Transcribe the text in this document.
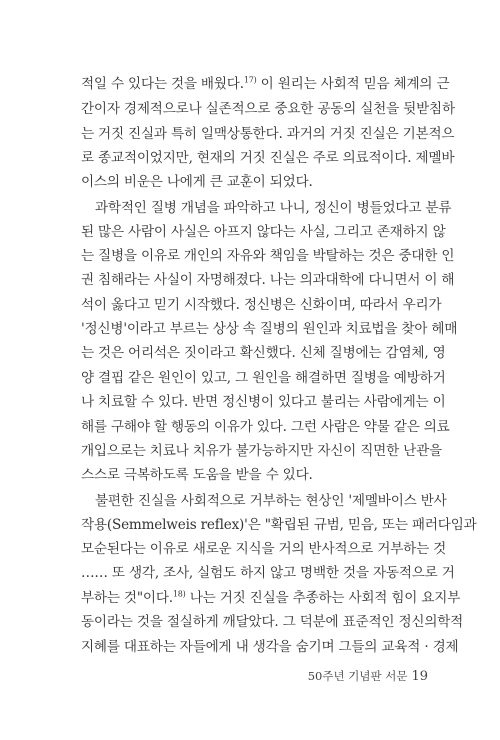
적일 수 있다는 것을 배웠다.$^{17)}$ 이 원리는 사회적 믿음 체계의 근
간이자 경제적으로나 실존적으로 중요한 공동의 실천을 뒷받침하
는 거짓 진실과 특히 일맥상통한다. 과거의 거짓 진실은 기본적으
로 종교적이었지만, 현재의 거짓 진실은 주로 의료적이다. 제멜바
이스의 비운은 나에게 큰 교훈이 되었다.
과학적인 질병 개념을 파악하고 나니, 정신이 병들었다고 분류
된 많은 사람이 사실은 아프지 않다는 사실, 그리고 존재하지 않
는 질병을 이유로 개인의 자유와 책임을 박탈하는 것은 중대한 인
권 침해라는 사실이 자명해졌다. 나는 의과대학에 다니면서 이 해
석이 옳다고 믿기 시작했다. 정신병은 신화이며, 따라서 우리가
'정신병'이라고 부르는 상상 속 질병의 원인과 치료법을 찾아 헤매
는 것은 어리석은 짓이라고 확신했다. 신체 질병에는 감염체, 영
양 결핍 같은 원인이 있고, 그 원인을 해결하면 질병을 예방하거
나 치료할 수 있다. 반면 정신병이 있다고 불리는 사람에게는 이
해를 구해야 할 행동의 이유가 있다. 그런 사람은 약물 같은 의료
개입으로는 치료나 치유가 불가능하지만 자신이 직면한 난관을
스스로 극복하도록 도움을 받을 수 있다.
불편한 진실을 사회적으로 거부하는 현상인 '제멜바이스 반사
작용(Semmelweis reflex)'은 "확립된 규범, 믿음, 또는 패러다임과
모순된다는 이유로 새로운 지식을 거의 반사적으로 거부하는 것
…… 또 생각, 조사, 실험도 하지 않고 명백한 것을 자동적으로 거
부하는 것"이다.$^{18)}$ 나는 거짓 진실을 추종하는 사회적 힘이 요지부
동이라는 것을 절실하게 깨달았다. 그 덕분에 표준적인 정신의학적
지혜를 대표하는 자들에게 내 생각을 숨기며 그들의 교육적 · 경제
50주년 기념판 서문 19
